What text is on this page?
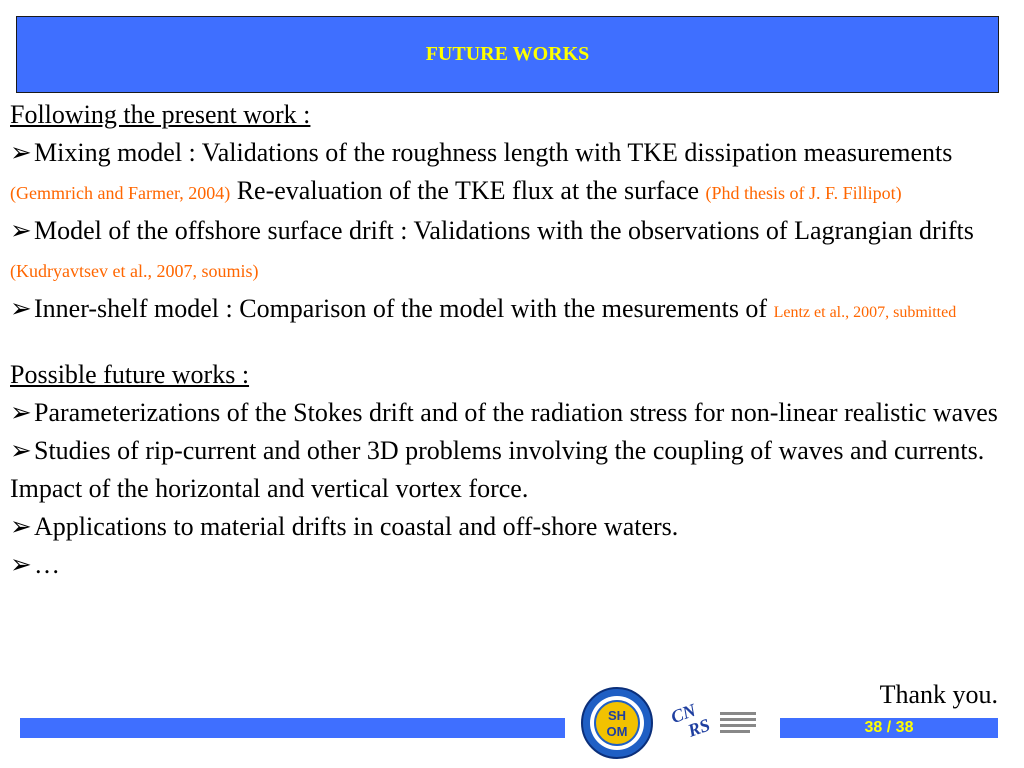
FUTURE WORKS

Following the present work :

➢Mixing model : Validations of the roughness length with TKE dissipation measurements (Gemmrich and Farmer, 2004) Re-evaluation of the TKE flux at the surface (Phd thesis of J. F. Fillipot)

➢Model of the offshore surface drift : Validations with the observations of Lagrangian drifts (Kudryavtsev et al., 2007, soumis)

➢Inner-shelf model : Comparison of the model with the mesurements of Lentz et al., 2007, submitted

Possible future works :

➢Parameterizations of the Stokes drift and of the radiation stress for non-linear realistic waves

➢Studies of rip-current and other 3D problems involving the coupling of waves and currents. Impact of the horizontal and vertical vortex force.

➢Applications to material drifts in coastal and off-shore waters.

➢…

Thank you.
SH
OM
CN
RS	38 / 38
